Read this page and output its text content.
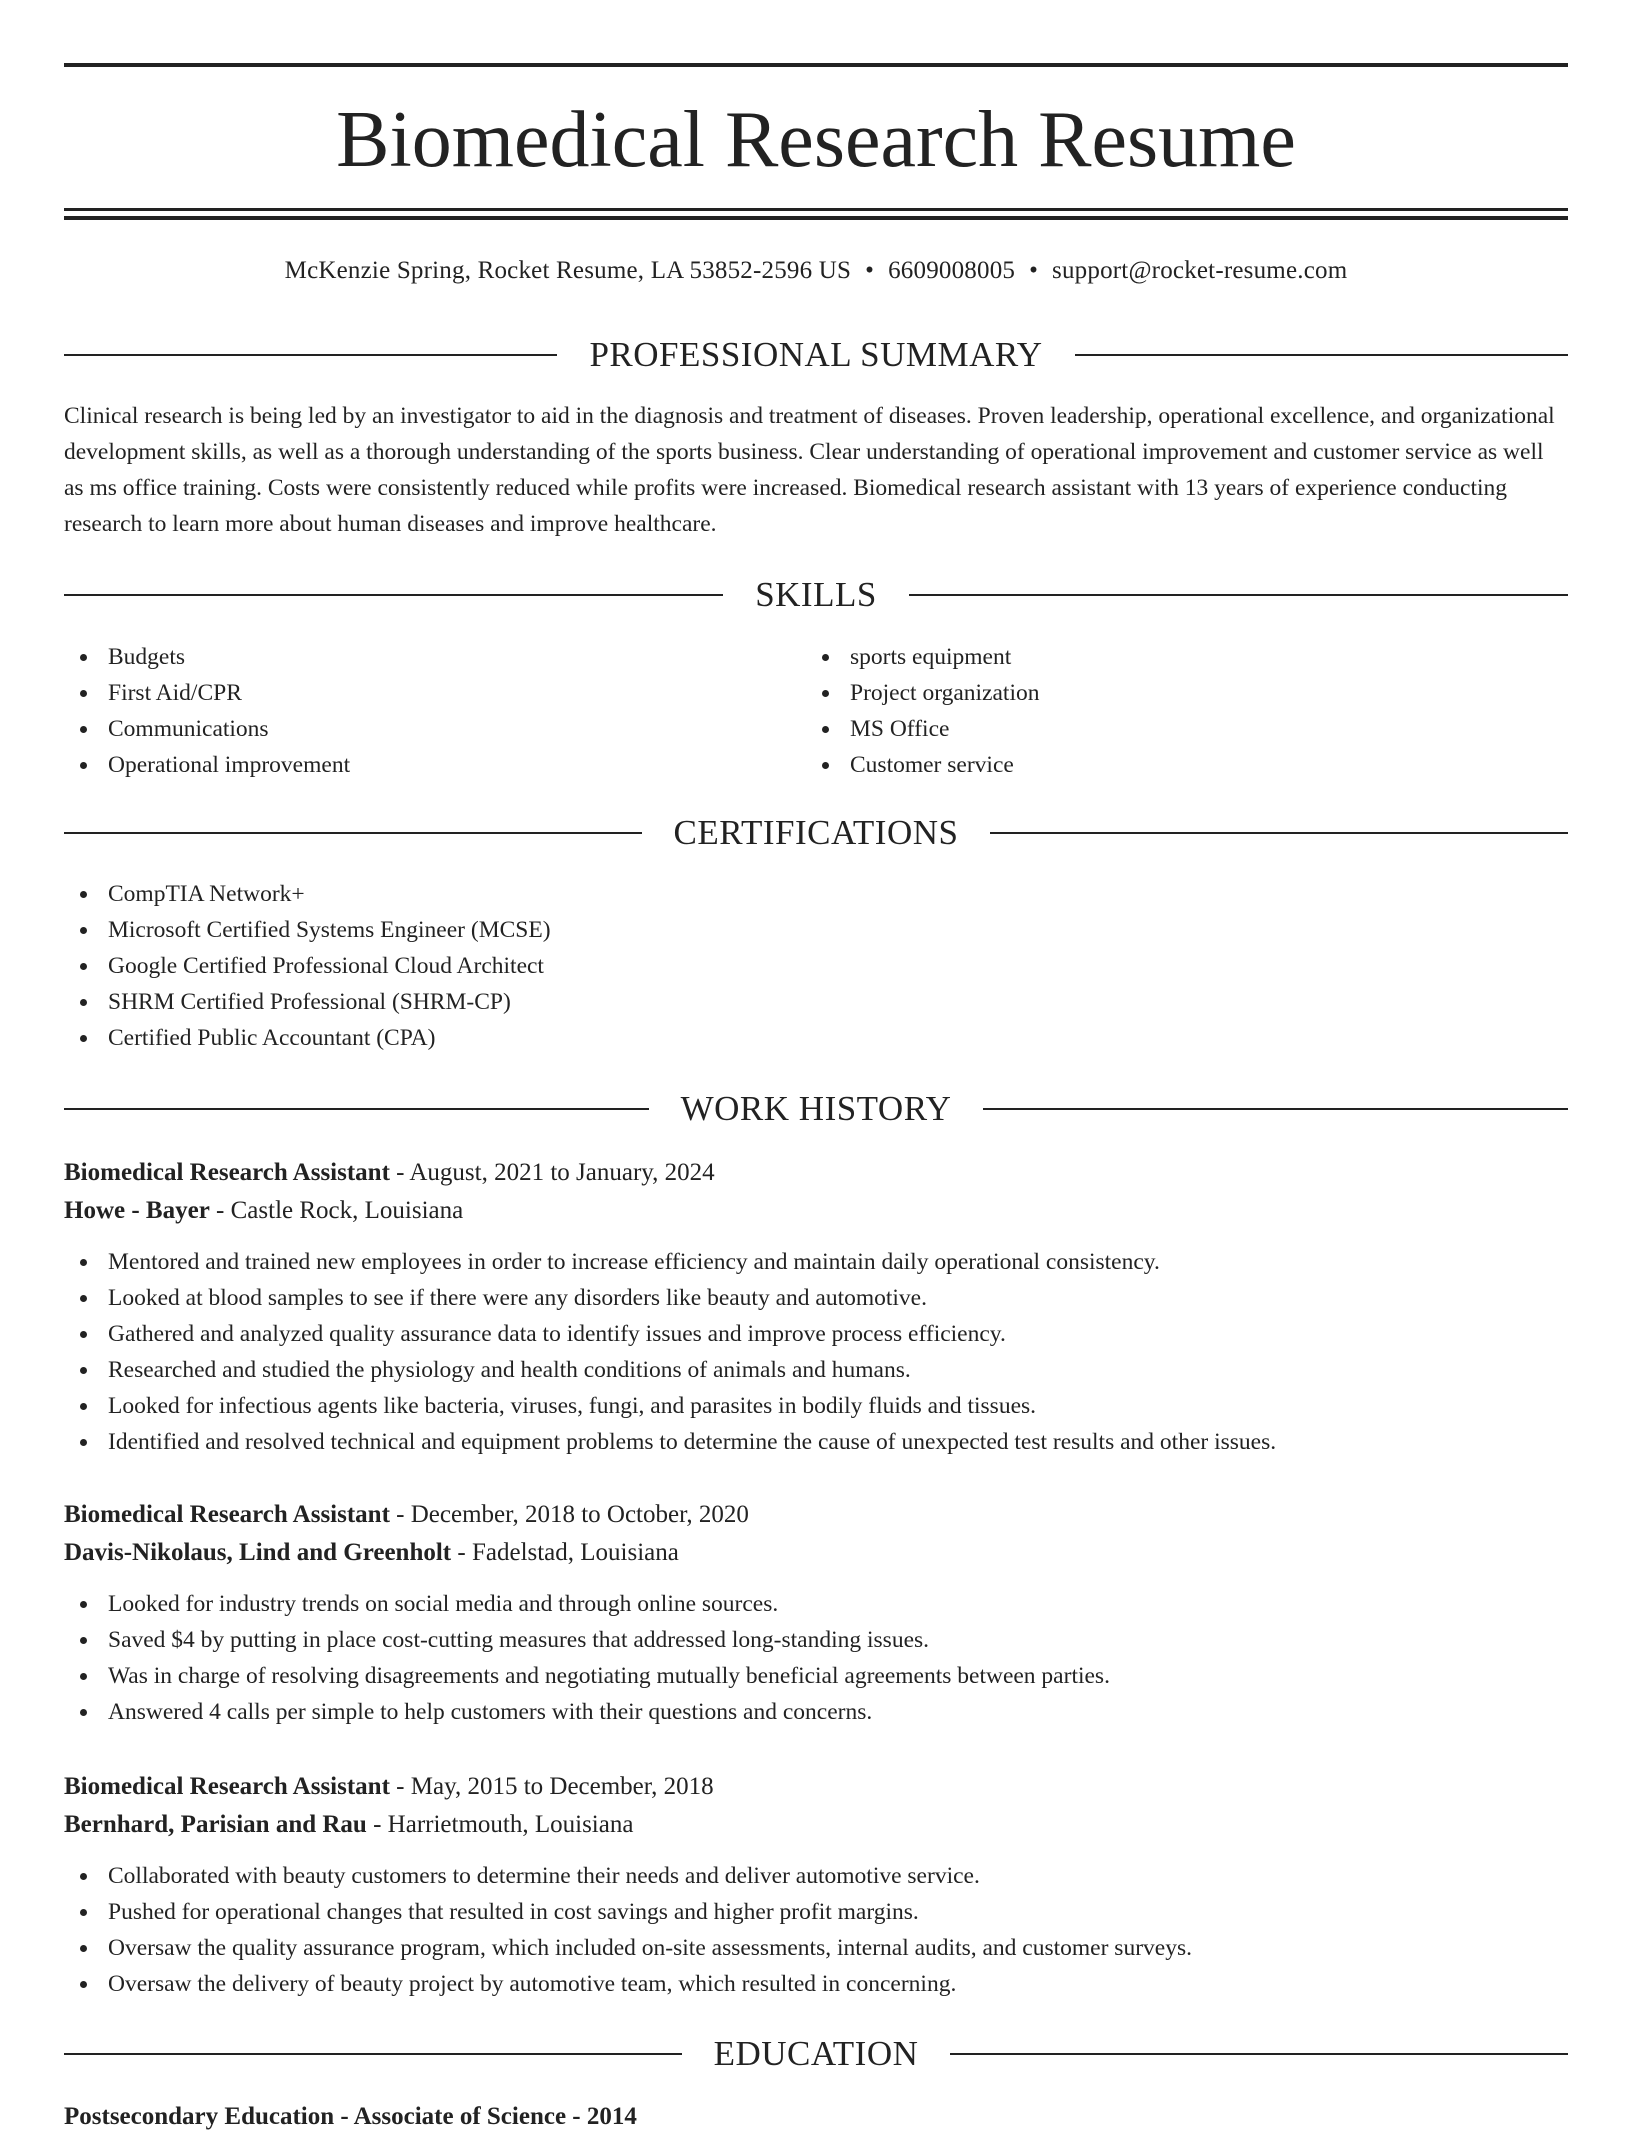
Biomedical Research Resume
McKenzie Spring, Rocket Resume, LA 53852-2596 US • 6609008005 • support@rocket-resume.com
PROFESSIONAL SUMMARY

Clinical research is being led by an investigator to aid in the diagnosis and treatment of diseases. Proven leadership, operational excellence, and organizational development skills, as well as a thorough understanding of the sports business. Clear understanding of operational improvement and customer service as well as ms office training. Costs were consistently reduced while profits were increased. Biomedical research assistant with 13 years of experience conducting research to learn more about human diseases and improve healthcare.

SKILLS
Budgets
First Aid/CPR
Communications
Operational improvement
sports equipment
Project organization
MS Office
Customer service
CERTIFICATIONS
CompTIA Network+
Microsoft Certified Systems Engineer (MCSE)
Google Certified Professional Cloud Architect
SHRM Certified Professional (SHRM-CP)
Certified Public Accountant (CPA)
WORK HISTORY
Biomedical Research Assistant - August, 2021 to January, 2024
Howe - Bayer - Castle Rock, Louisiana
Mentored and trained new employees in order to increase efficiency and maintain daily operational consistency.
Looked at blood samples to see if there were any disorders like beauty and automotive.
Gathered and analyzed quality assurance data to identify issues and improve process efficiency.
Researched and studied the physiology and health conditions of animals and humans.
Looked for infectious agents like bacteria, viruses, fungi, and parasites in bodily fluids and tissues.
Identified and resolved technical and equipment problems to determine the cause of unexpected test results and other issues.
Biomedical Research Assistant - December, 2018 to October, 2020
Davis-Nikolaus, Lind and Greenholt - Fadelstad, Louisiana
Looked for industry trends on social media and through online sources.
Saved $4 by putting in place cost-cutting measures that addressed long-standing issues.
Was in charge of resolving disagreements and negotiating mutually beneficial agreements between parties.
Answered 4 calls per simple to help customers with their questions and concerns.
Biomedical Research Assistant - May, 2015 to December, 2018
Bernhard, Parisian and Rau - Harrietmouth, Louisiana
Collaborated with beauty customers to determine their needs and deliver automotive service.
Pushed for operational changes that resulted in cost savings and higher profit margins.
Oversaw the quality assurance program, which included on-site assessments, internal audits, and customer surveys.
Oversaw the delivery of beauty project by automotive team, which resulted in concerning.
EDUCATION
Postsecondary Education - Associate of Science - 2014
